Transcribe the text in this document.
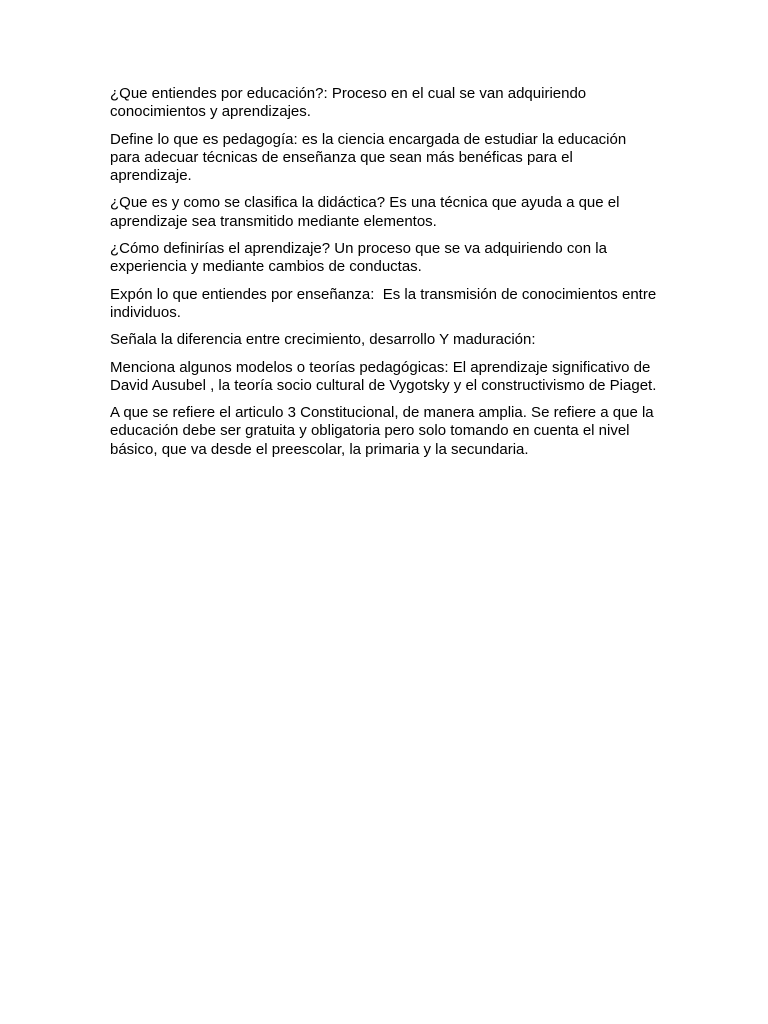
¿Que entiendes por educación?: Proceso en el cual se van adquiriendo conocimientos y aprendizajes.

Define lo que es pedagogía: es la ciencia encargada de estudiar la educación para adecuar técnicas de enseñanza que sean más benéficas para el aprendizaje.

¿Que es y como se clasifica la didáctica? Es una técnica que ayuda a que el aprendizaje sea transmitido mediante elementos.

¿Cómo definirías el aprendizaje? Un proceso que se va adquiriendo con la experiencia y mediante cambios de conductas.

Expón lo que entiendes por enseñanza:  Es la transmisión de conocimientos entre individuos.

Señala la diferencia entre crecimiento, desarrollo Y maduración:

Menciona algunos modelos o teorías pedagógicas: El aprendizaje significativo de David Ausubel , la teoría socio cultural de Vygotsky y el constructivismo de Piaget.

A que se refiere el articulo 3 Constitucional, de manera amplia. Se refiere a que la educación debe ser gratuita y obligatoria pero solo tomando en cuenta el nivel básico, que va desde el preescolar, la primaria y la secundaria.
